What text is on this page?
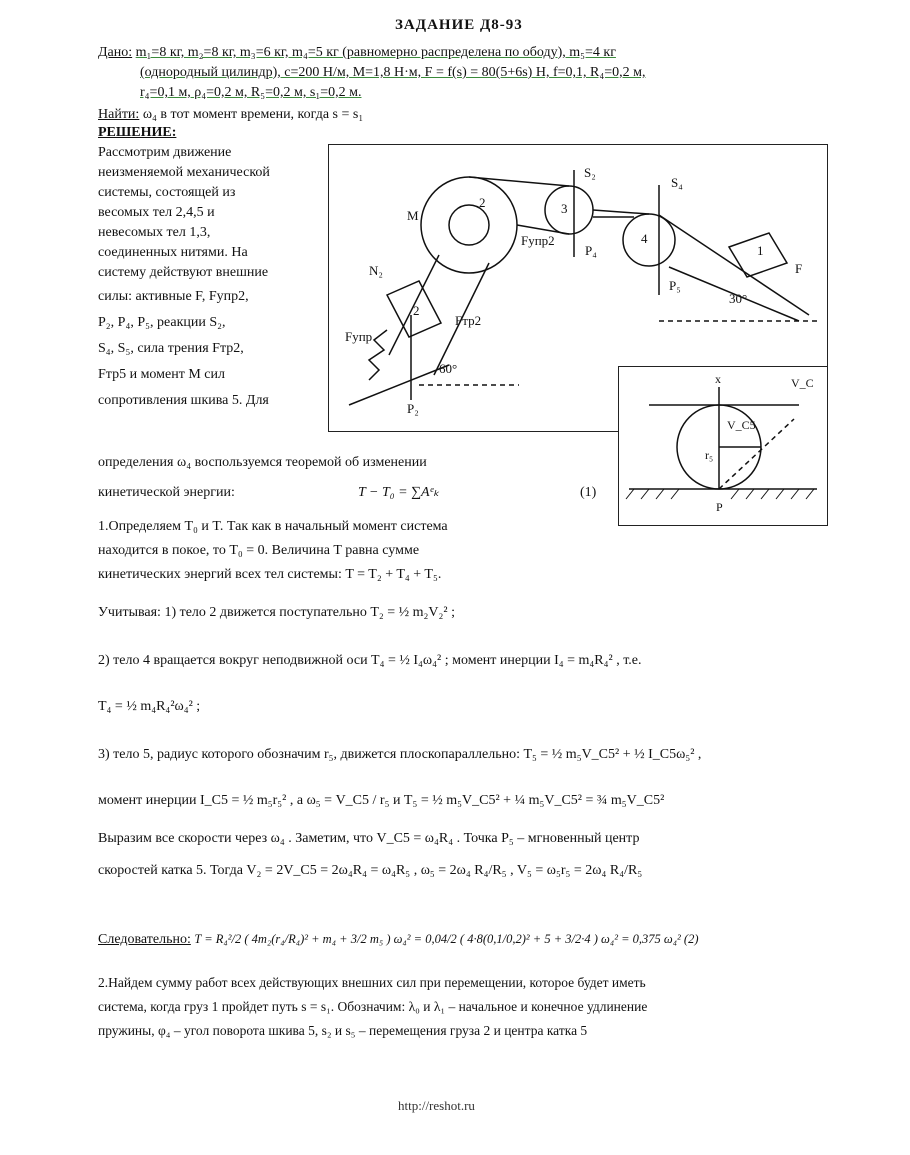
ЗАДАНИЕ Д8-93
Дано: m₁=8 кг, m₂=8 кг, m₃=6 кг, m₄=5 кг (равномерно распределена по ободу), m₅=4 кг
(однородный цилиндр), c=200 Н/м, M=1,8 Н·м, F = f(s) = 80(5+6s) Н, f=0,1, R₄=0,2 м,
r₄=0,1 м, ρ₄=0,2 м, R₅=0,2 м, s₁=0,2 м.
Найти: ω₄ в тот момент времени, когда s = s₁
РЕШЕНИЕ:
Рассмотрим движение
неизменяемой механической
системы, состоящей из
весомых тел 2,4,5 и
невесомых тел 1,3,
соединенных нитями. На
систему действуют внешние
силы: активные F, Fупр2,
P₂, P₄, P₅, реакции S₂,
S₄, S₅, сила трения Fтр2,
Fтр5 и момент M сил
сопротивления шкива 5. Для
M
2	3
4
1
2
S₂
S₄
N₂
P₂
P₄
P₅
Fупр2
Fтр2
Fупр
F
30°
60°
x	V_C
V_C5
r₅
P
определения ω₄ воспользуемся теоремой об изменении
кинетической энергии:	T − T₀ = ∑Aᵉₖ	(1)
1.Определяем T₀ и T. Так как в начальный момент система
находится в покое, то T₀ = 0. Величина T равна сумме
кинетических энергий всех тел системы: T = T₂ + T₄ + T₅.
Учитывая: 1) тело 2 движется поступательно T₂ = ½ m₂V₂² ;
2) тело 4 вращается вокруг неподвижной оси T₄ = ½ I₄ω₄² ; момент инерции I₄ = m₄R₄² , т.е.
T₄ = ½ m₄R₄²ω₄² ;
3) тело 5, радиус которого обозначим r₅, движется плоскопараллельно: T₅ = ½ m₅V_C5² + ½ I_C5ω₅² ,
момент инерции I_C5 = ½ m₅r₅² , а ω₅ = V_C5 / r₅ и T₅ = ½ m₅V_C5² + ¼ m₅V_C5² = ¾ m₅V_C5²
Выразим все скорости через ω₄ . Заметим, что V_C5 = ω₄R₄ . Точка P₅ – мгновенный центр
скоростей катка 5. Тогда V₂ = 2V_C5 = 2ω₄R₄ = ω₄R₅ , ω₅ = 2ω₄ R₄/R₅ , V₅ = ω₅r₅ = 2ω₄ R₄/R₅
Следовательно: T = R₄²/2 ( 4m₂(r₄/R₄)² + m₄ + 3/2 m₅ ) ω₄² = 0,04/2 ( 4·8(0,1/0,2)² + 5 + 3/2·4 ) ω₄² = 0,375 ω₄² (2)
2.Найдем сумму работ всех действующих внешних сил при перемещении, которое будет иметь
система, когда груз 1 пройдет путь s = s₁. Обозначим: λ₀ и λ₁ – начальное и конечное удлинение
пружины, φ₄ – угол поворота шкива 5, s₂ и s₅ – перемещения груза 2 и центра катка 5
http://reshot.ru
